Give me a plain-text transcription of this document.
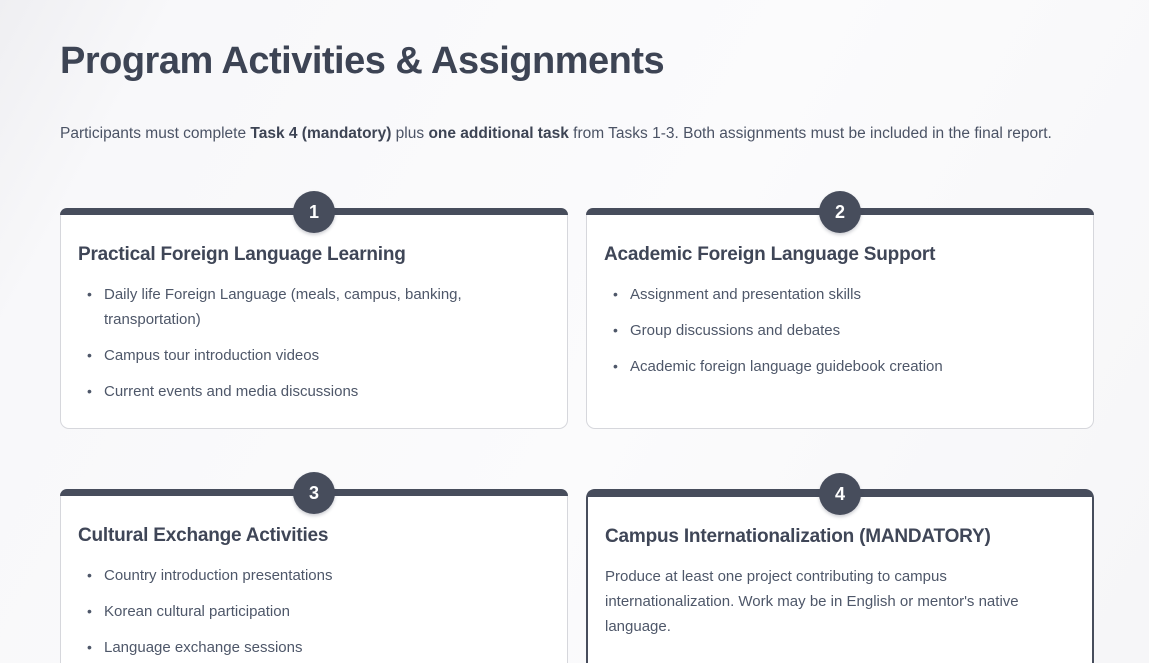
Program Activities & Assignments

Participants must complete Task 4 (mandatory) plus one additional task from Tasks 1-3. Both assignments must be included in the final report.

1
Practical Foreign Language Learning
• Daily life Foreign Language (meals, campus, banking, transportation)
• Campus tour introduction videos
• Current events and media discussions
2
Academic Foreign Language Support
• Assignment and presentation skills
• Group discussions and debates
• Academic foreign language guidebook creation
3
Cultural Exchange Activities
• Country introduction presentations
• Korean cultural participation
• Language exchange sessions
4
Campus Internationalization (MANDATORY)

Produce at least one project contributing to campus internationalization. Work may be in English or mentor's native language.
